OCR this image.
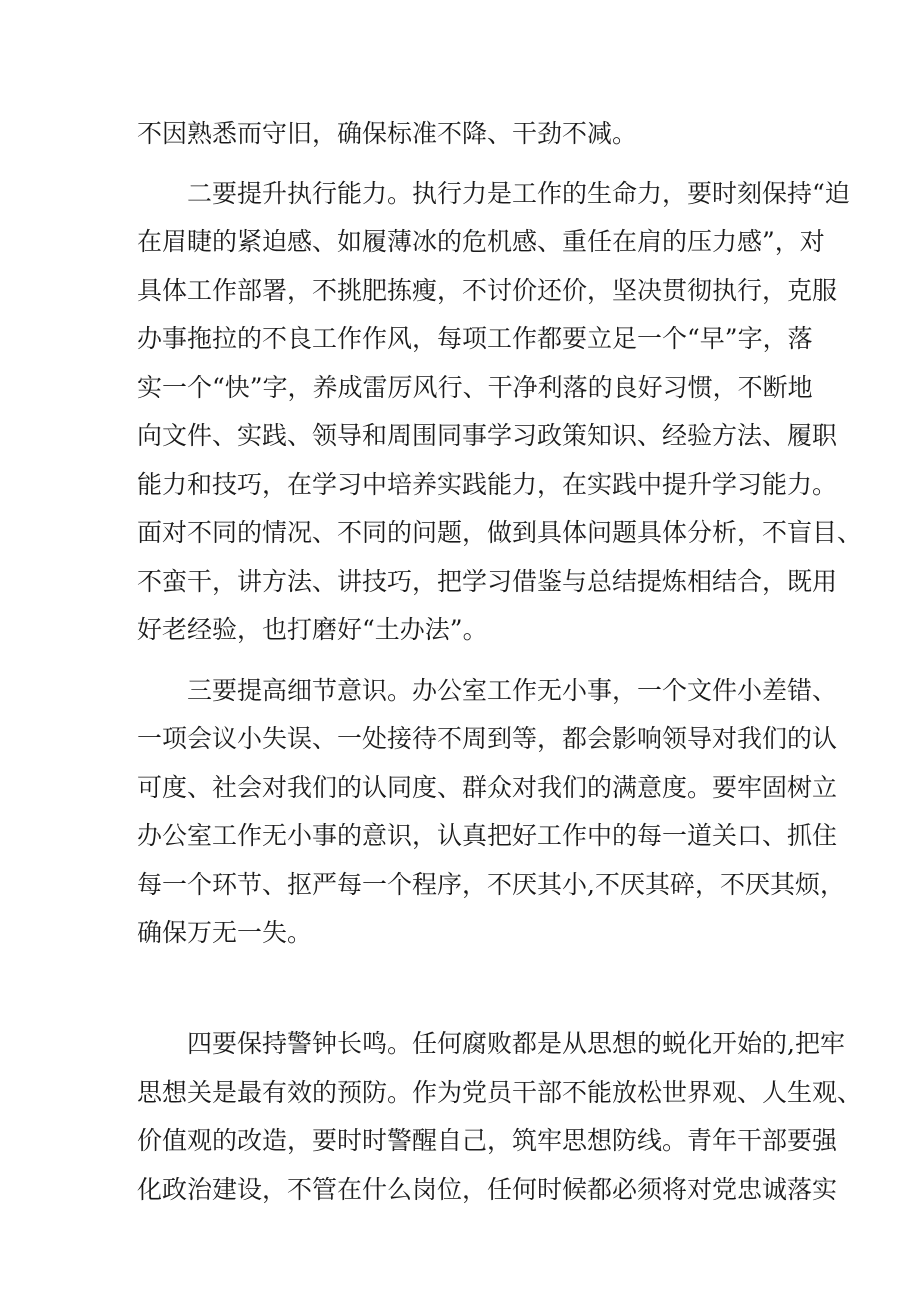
不因熟悉而守旧，确保标准不降、干劲不减。
二要提升执行能力。执行力是工作的生命力，要时刻保持“迫
在眉睫的紧迫感、如履薄冰的危机感、重任在肩的压力感”，对
具体工作部署，不挑肥拣瘦，不讨价还价，坚决贯彻执行，克服
办事拖拉的不良工作作风，每项工作都要立足一个“早”字，落
实一个“快”字，养成雷厉风行、干净利落的良好习惯，不断地
向文件、实践、领导和周围同事学习政策知识、经验方法、履职
能力和技巧，在学习中培养实践能力，在实践中提升学习能力。
面对不同的情况、不同的问题，做到具体问题具体分析，不盲目、
不蛮干，讲方法、讲技巧，把学习借鉴与总结提炼相结合，既用
好老经验，也打磨好“土办法”。
三要提高细节意识。办公室工作无小事，一个文件小差错、
一项会议小失误、一处接待不周到等，都会影响领导对我们的认
可度、社会对我们的认同度、群众对我们的满意度。要牢固树立
办公室工作无小事的意识，认真把好工作中的每一道关口、抓住
每一个环节、抠严每一个程序，不厌其小,不厌其碎，不厌其烦，
确保万无一失。
四要保持警钟长鸣。任何腐败都是从思想的蜕化开始的,把牢
思想关是最有效的预防。作为党员干部不能放松世界观、人生观、
价值观的改造，要时时警醒自己，筑牢思想防线。青年干部要强
化政治建设，不管在什么岗位，任何时候都必须将对党忠诚落实
